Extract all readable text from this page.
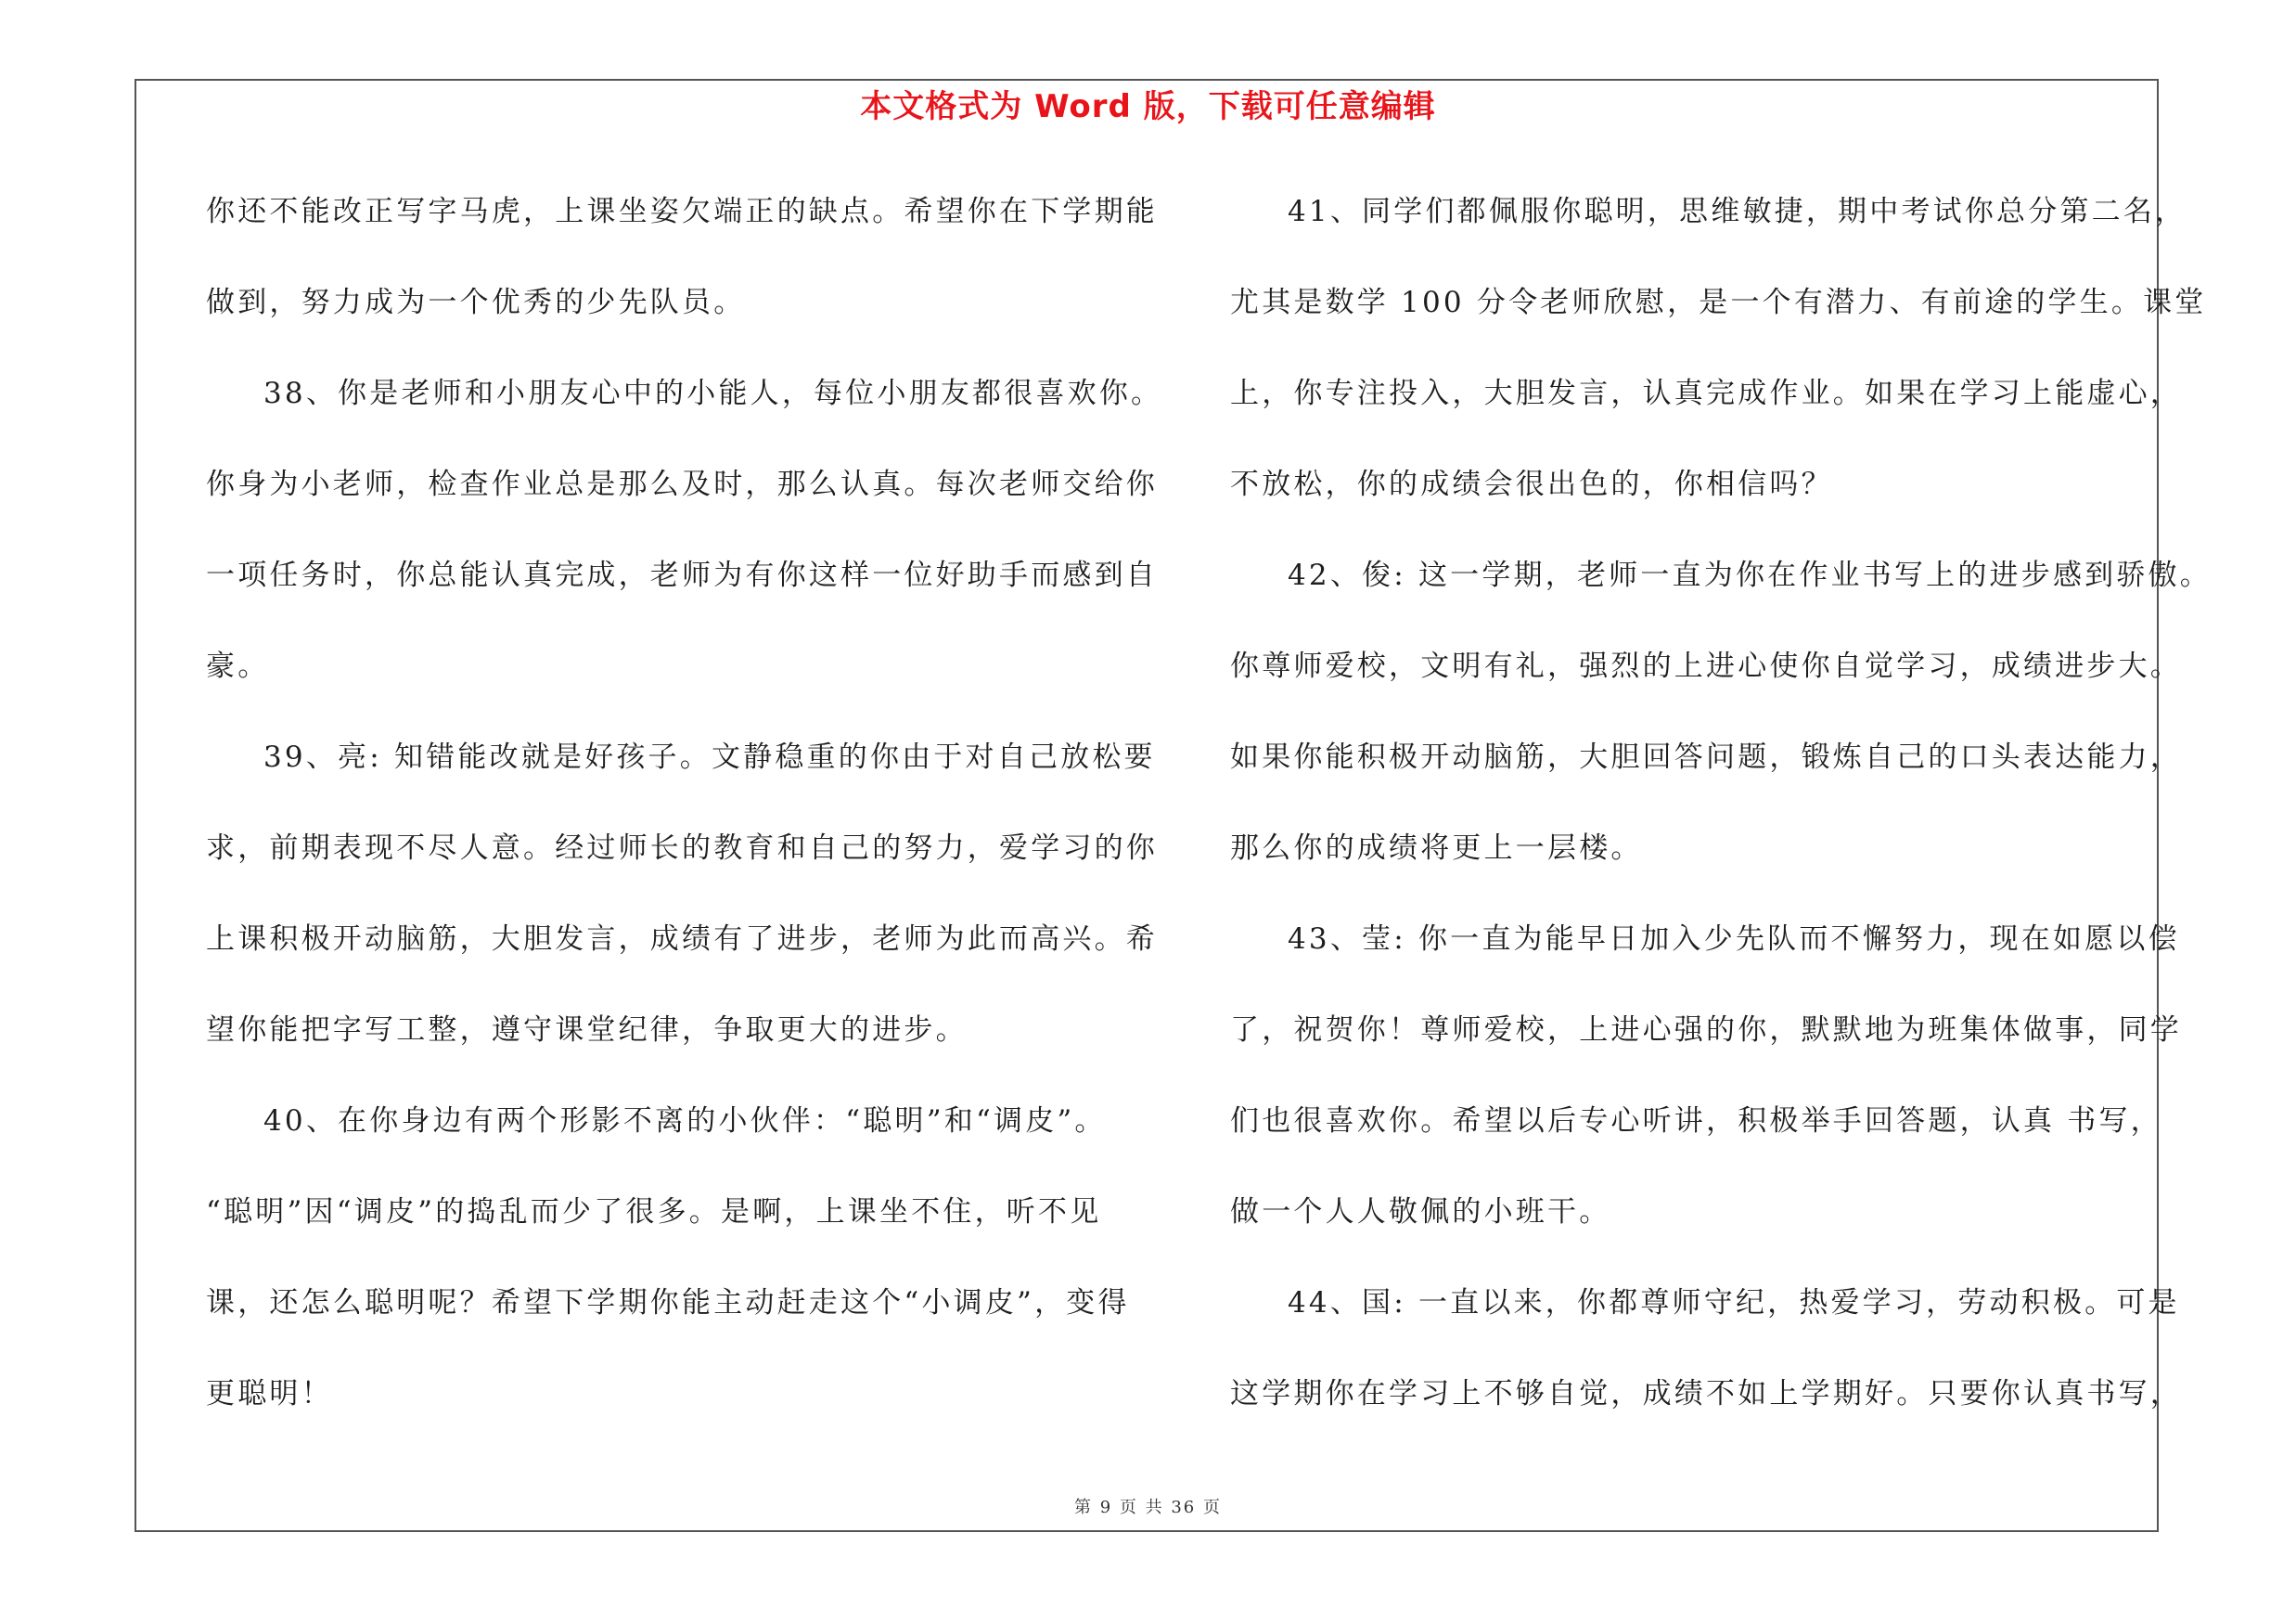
本文格式为 Word 版，下载可任意编辑
你还不能改正写字马虎，上课坐姿欠端正的缺点。希望你在下学期能
做到，努力成为一个优秀的少先队员。
38、你是老师和小朋友心中的小能人，每位小朋友都很喜欢你。
你身为小老师，检查作业总是那么及时，那么认真。每次老师交给你
一项任务时，你总能认真完成，老师为有你这样一位好助手而感到自
豪。
39、亮: 知错能改就是好孩子。文静稳重的你由于对自己放松要
求，前期表现不尽人意。经过师长的教育和自己的努力，爱学习的你
上课积极开动脑筋，大胆发言，成绩有了进步，老师为此而高兴。希
望你能把字写工整，遵守课堂纪律，争取更大的进步。
40、在你身边有两个形影不离的小伙伴：“聪明”和“调皮”。
“聪明”因“调皮”的捣乱而少了很多。是啊，上课坐不住，听不见
课，还怎么聪明呢？希望下学期你能主动赶走这个“小调皮”，变得
更聪明！
41、同学们都佩服你聪明，思维敏捷，期中考试你总分第二名，
尤其是数学 100 分令老师欣慰，是一个有潜力、有前途的学生。课堂
上，你专注投入，大胆发言，认真完成作业。如果在学习上能虚心，
不放松，你的成绩会很出色的，你相信吗？
42、俊: 这一学期，老师一直为你在作业书写上的进步感到骄傲。
你尊师爱校，文明有礼，强烈的上进心使你自觉学习，成绩进步大。
如果你能积极开动脑筋，大胆回答问题，锻炼自己的口头表达能力，
那么你的成绩将更上一层楼。
43、莹: 你一直为能早日加入少先队而不懈努力，现在如愿以偿
了，祝贺你！尊师爱校，上进心强的你，默默地为班集体做事，同学
们也很喜欢你。希望以后专心听讲，积极举手回答题，认真 书写，
做一个人人敬佩的小班干。
44、国: 一直以来，你都尊师守纪，热爱学习，劳动积极。可是
这学期你在学习上不够自觉，成绩不如上学期好。只要你认真书写，
第 9 页 共 36 页
